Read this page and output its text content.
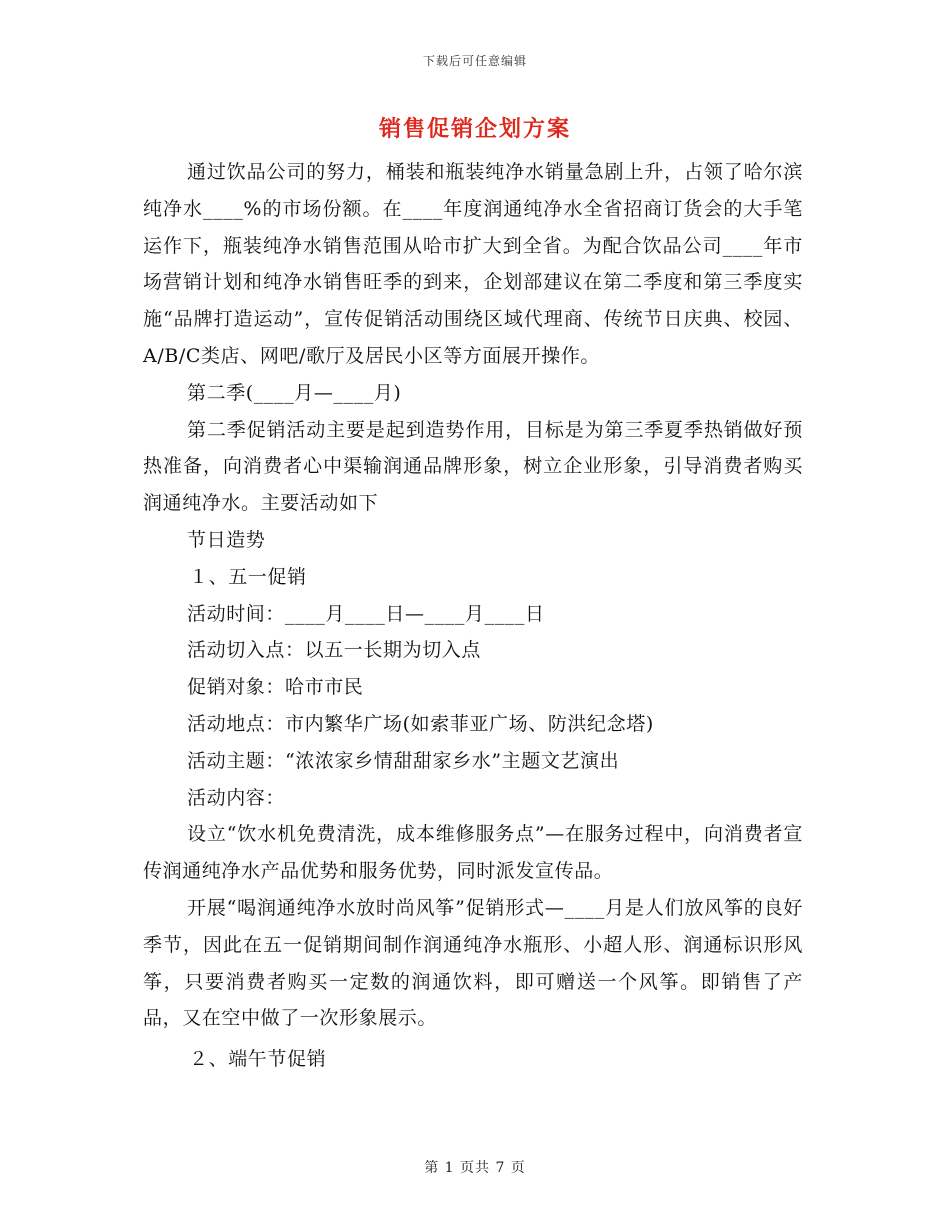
下载后可任意编辑
销售促销企划方案

通过饮品公司的努力，桶装和瓶装纯净水销量急剧上升，占领了哈尔滨纯净水____%的市场份额。在____年度润通纯净水全省招商订货会的大手笔运作下，瓶装纯净水销售范围从哈市扩大到全省。为配合饮品公司____年市场营销计划和纯净水销售旺季的到来，企划部建议在第二季度和第三季度实施“品牌打造运动”，宣传促销活动围绕区域代理商、传统节日庆典、校园、A/B/C类店、网吧/歌厅及居民小区等方面展开操作。

第二季(____月—____月)

第二季促销活动主要是起到造势作用，目标是为第三季夏季热销做好预热准备，向消费者心中渠输润通品牌形象，树立企业形象，引导消费者购买润通纯净水。主要活动如下

节日造势

１、五一促销

活动时间：____月____日—____月____日

活动切入点：以五一长期为切入点

促销对象：哈市市民

活动地点：市内繁华广场(如索菲亚广场、防洪纪念塔)

活动主题：“浓浓家乡情甜甜家乡水”主题文艺演出

活动内容：

设立“饮水机免费清洗，成本维修服务点”—在服务过程中，向消费者宣传润通纯净水产品优势和服务优势，同时派发宣传品。

开展“喝润通纯净水放时尚风筝”促销形式—____月是人们放风筝的良好季节，因此在五一促销期间制作润通纯净水瓶形、小超人形、润通标识形风筝，只要消费者购买一定数的润通饮料，即可赠送一个风筝。即销售了产品，又在空中做了一次形象展示。

２、端午节促销

第 1 页共 7 页
